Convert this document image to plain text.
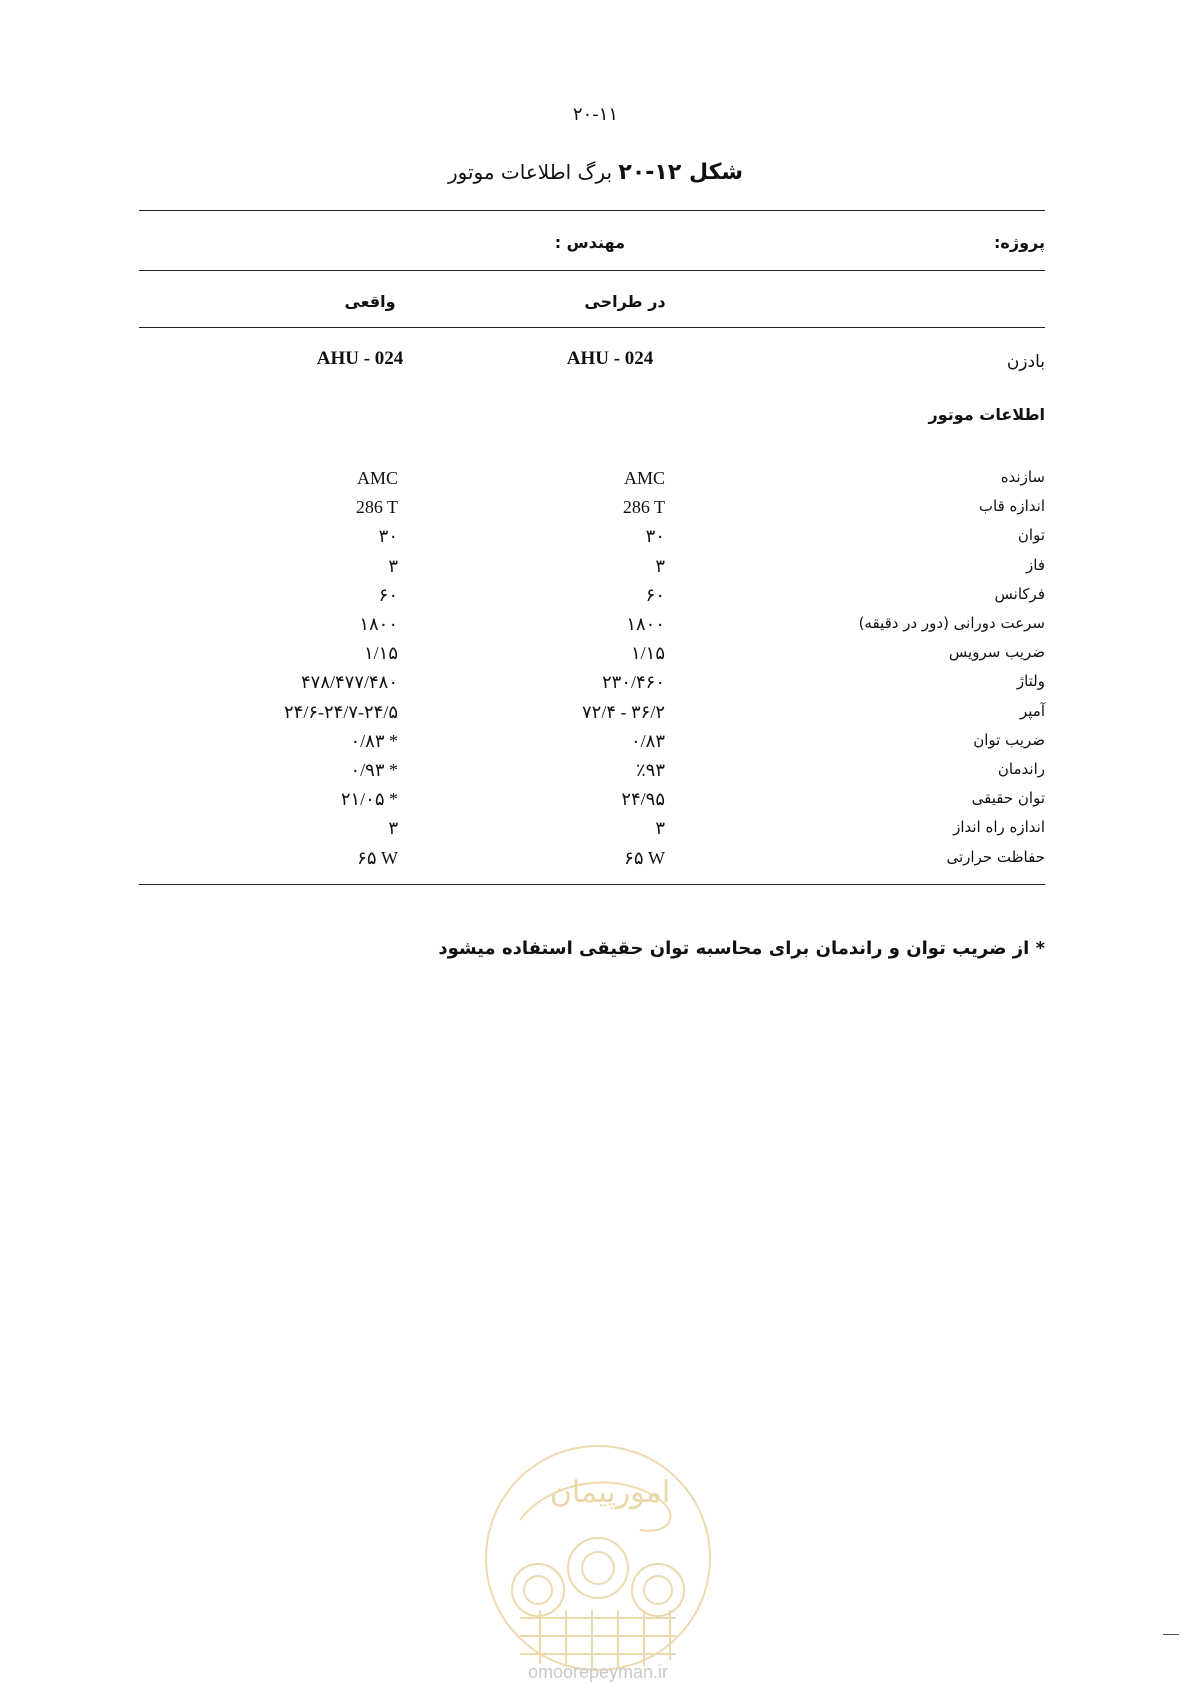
۲۰-۱۱
شکل ۱۲-۲۰ برگ اطلاعات موتور
پروژه:
مهندس :
در طراحی
واقعی
بادزن
AHU - 024
AHU - 024
اطلاعات موتور
سازنده
AMC
AMC
اندازه قاب
286 T
286 T
توان
۳۰
۳۰
فاز
۳
۳
فرکانس
۶۰
۶۰
سرعت دورانی (دور در دقیقه)
۱۸۰۰
۱۸۰۰
ضریب سرویس
۱/۱۵
۱/۱۵
ولتاژ
۲۳۰/۴۶۰
۴۷۸/۴۷۷/۴۸۰
آمپر
۷۲/۴ - ۳۶/۲
۲۴/۶-۲۴/۷-۲۴/۵
ضریب توان
۰/۸۳
۰/۸۳ *
راندمان
٪۹۳
۰/۹۳ *
توان حقیقی
۲۴/۹۵
۲۱/۰۵ *
اندازه راه انداز
۳
۳
حفاظت حرارتی
۶۵ W
۶۵ W
* از ضریب توان و راندمان برای محاسبه توان حقیقی استفاده میشود
امورپیمان
omoorepeyman.ir
